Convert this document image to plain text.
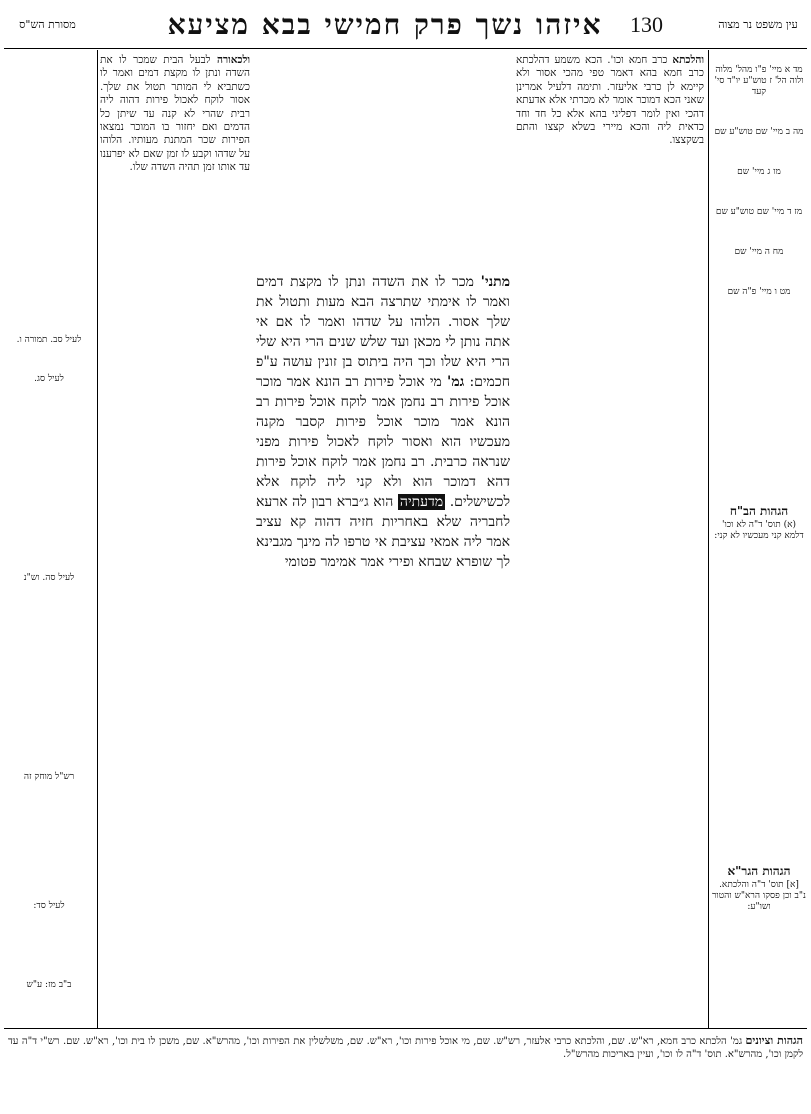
עין משפט נר מצוה
130
איזהו נשך פרק חמישי בבא מציעא
מסורת הש"ס

מד א מיי' פ"ו מהל' מלוה ולוה הל' ז טוש"ע יו"ד סי' קעד

מה ב מיי' שם טוש"ע שם

מו ג מיי' שם

מז ד מיי' שם טוש"ע שם

מח ה מיי' שם

מט ו מיי' פ"ה שם

הגהות הב"ח
(א) תוס' ד"ה לא וכו' דלמא קני מעכשיו לא קני:
הגהות הגר"א
[א] תוס' ד"ה והלכתא. נ"ב וכן פסקו הרא"ש והטור ושו"ע:

לעיל סב. תמורה ו.

לעיל סג.

לעיל סה. וש"נ

רש"ל מוחק זה

לעיל סד:

ב"ב מז: ע"ש

והלכתא כרב חמא וכו'. הכא משמע דהלכתא כרב חמא בהא דאמר טפי מהכי אסור ולא קיימא לן כרבי אליעזר. ותימה דלעיל אמרינן שאני הכא דמוכר אומר לא מכרתי אלא אדעתא דהכי ואין לומר דפליגי בהא אלא כל חד וחד כדאית ליה והכא מיירי בשלא קצצו והתם בשקצצו.

ולכאורה לבעל הבית שמכר לו את השדה ונתן לו מקצת דמים ואמר לו כשתביא לי המותר תטול את שלך. אסור לוקח לאכול פירות דהוה ליה רבית שהרי לא קנה עד שיתן כל הדמים ואם יחזור בו המוכר נמצאו הפירות שכר המתנת מעותיו. הלוהו על שדהו וקבע לו זמן שאם לא יפרענו עד אותו זמן תהיה השדה שלו.

מתני' מכר לו את השדה ונתן לו מקצת דמים ואמר לו אימתי שתרצה הבא מעות ותטול את שלך אסור. הלוהו על שדהו ואמר לו אם אי אתה נותן לי מכאן ועד שלש שנים הרי היא שלי הרי היא שלו וכך היה ביתוס בן זונין עושה ע"פ חכמים: גמ' מי אוכל פירות רב הונא אמר מוכר אוכל פירות רב נחמן אמר לוקח אוכל פירות רב הונא אמר מוכר אוכל פירות קסבר מקנה מעכשיו הוא ואסור לוקח לאכול פירות מפני שנראה כרבית. רב נחמן אמר לוקח אוכל פירות דהא דמוכר הוא ולא קני ליה לוקח אלא לכשישלים. מדעתיה הוא ג״ברא רבון לה ארעא לחבריה שלא באחריות חזיה דהוה קא עציב אמר ליה אמאי עציבת אי טרפו לה מינך מגבינא לך שופרא שבחא ופירי אמר אמימר פטומי

הגהות וציונים גמ' הלכתא כרב חמא, רא"ש. שם, והלכתא כרבי אלעזר, רש"ש. שם, מי אוכל פירות וכו', רא"ש. שם, משלשלין את הפירות וכו', מהרש"א. שם, משכן לו בית וכו', רא"ש. שם. רש"י ד"ה עד לקמן וכו', מהרש"א. תוס' ד"ה לו וכו', ועיין באריכות מהרש"ל.
